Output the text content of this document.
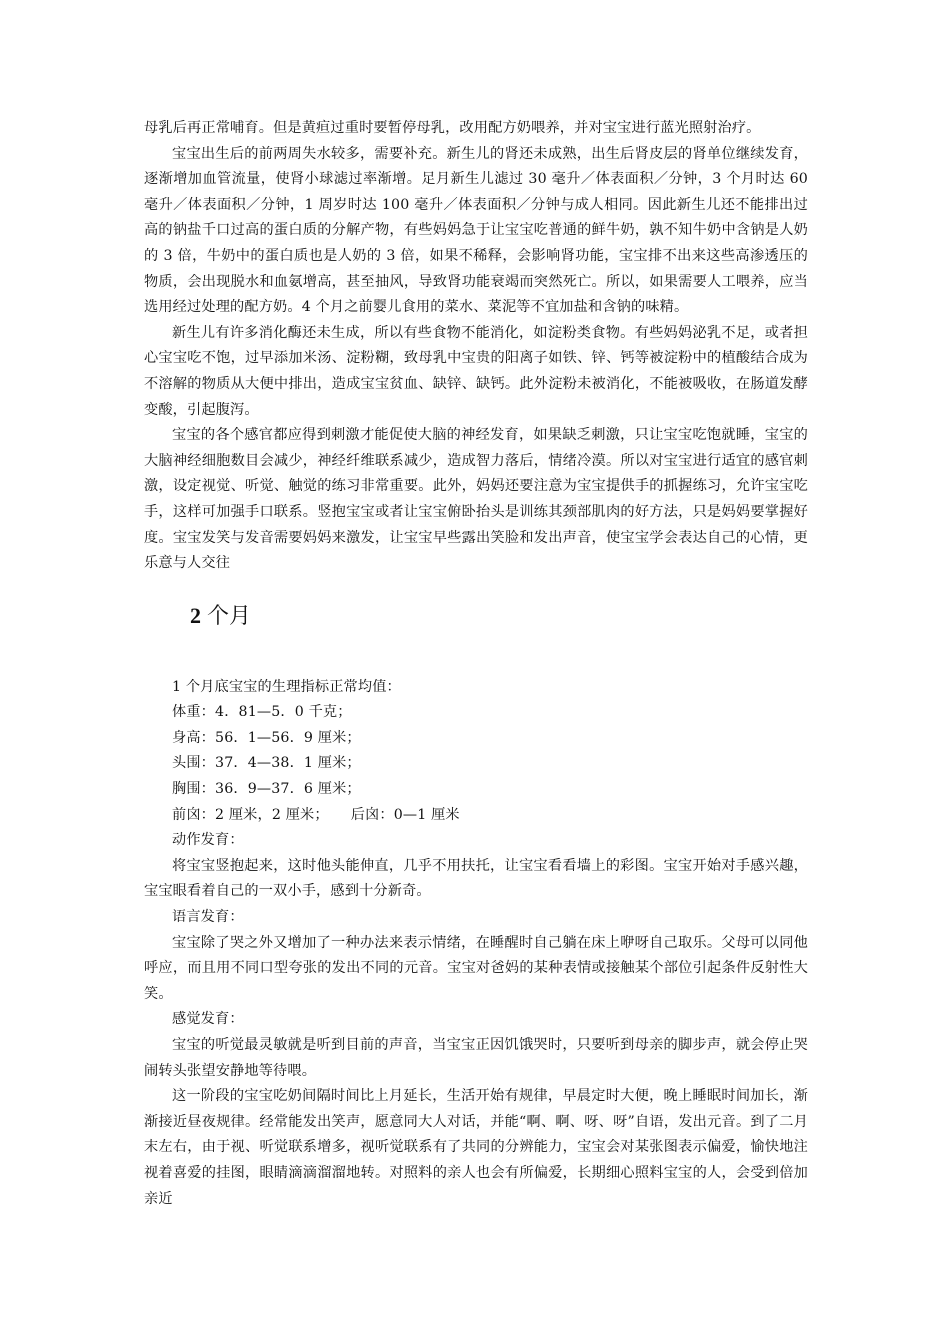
母乳后再正常哺育。但是黄疸过重时要暂停母乳，改用配方奶喂养，并对宝宝进行蓝光照射治疗。

宝宝出生后的前两周失水较多，需要补充。新生儿的肾还未成熟，出生后肾皮层的肾单位继续发育，逐渐增加血管流量，使肾小球滤过率渐增。足月新生儿滤过 30 毫升／体表面积／分钟，3 个月时达 60 毫升／体表面积／分钟，1 周岁时达 100 毫升／体表面积／分钟与成人相同。因此新生儿还不能排出过高的钠盐千口过高的蛋白质的分解产物，有些妈妈急于让宝宝吃普通的鲜牛奶，孰不知牛奶中含钠是人奶的 3 倍，牛奶中的蛋白质也是人奶的 3 倍，如果不稀释，会影响肾功能，宝宝排不出来这些高渗透压的物质，会出现脱水和血氨增高，甚至抽风，导致肾功能衰竭而突然死亡。所以，如果需要人工喂养，应当选用经过处理的配方奶。4 个月之前婴儿食用的菜水、菜泥等不宜加盐和含钠的味精。

新生儿有许多消化酶还未生成，所以有些食物不能消化，如淀粉类食物。有些妈妈泌乳不足，或者担心宝宝吃不饱，过早添加米汤、淀粉糊，致母乳中宝贵的阳离子如铁、锌、钙等被淀粉中的植酸结合成为不溶解的物质从大便中排出，造成宝宝贫血、缺锌、缺钙。此外淀粉未被消化，不能被吸收，在肠道发酵变酸，引起腹泻。

宝宝的各个感官都应得到刺激才能促使大脑的神经发育，如果缺乏刺激，只让宝宝吃饱就睡，宝宝的大脑神经细胞数目会减少，神经纤维联系减少，造成智力落后，情绪冷漠。所以对宝宝进行适宜的感官刺激，设定视觉、听觉、触觉的练习非常重要。此外，妈妈还要注意为宝宝提供手的抓握练习，允许宝宝吃手，这样可加强手口联系。竖抱宝宝或者让宝宝俯卧抬头是训练其颈部肌肉的好方法，只是妈妈要掌握好度。宝宝发笑与发音需要妈妈来激发，让宝宝早些露出笑脸和发出声音，使宝宝学会表达自己的心情，更乐意与人交往

2 个月

1 个月底宝宝的生理指标正常均值：

体重：4．81—5．0 千克；

身高：56．1—56．9 厘米；

头围：37．4—38．1 厘米；

胸围：36．9—37．6 厘米；

前囟：2 厘米，2 厘米； 后囟：0—1 厘米

动作发育：

将宝宝竖抱起来，这时他头能伸直，几乎不用扶托，让宝宝看看墙上的彩图。宝宝开始对手感兴趣，宝宝眼看着自己的一双小手，感到十分新奇。

语言发育：

宝宝除了哭之外又增加了一种办法来表示情绪，在睡醒时自己躺在床上咿呀自己取乐。父母可以同他呼应，而且用不同口型夸张的发出不同的元音。宝宝对爸妈的某种表情或接触某个部位引起条件反射性大笑。

感觉发育：

宝宝的听觉最灵敏就是听到目前的声音，当宝宝正因饥饿哭时，只要听到母亲的脚步声，就会停止哭闹转头张望安静地等待喂。

这一阶段的宝宝吃奶间隔时间比上月延长，生活开始有规律，早晨定时大便，晚上睡眠时间加长，渐渐接近昼夜规律。经常能发出笑声，愿意同大人对话，并能“啊、啊、呀、呀”自语，发出元音。到了二月末左右，由于视、听觉联系增多，视听觉联系有了共同的分辨能力，宝宝会对某张图表示偏爱，愉快地注视着喜爱的挂图，眼睛滴滴溜溜地转。对照料的亲人也会有所偏爱，长期细心照料宝宝的人，会受到倍加亲近
